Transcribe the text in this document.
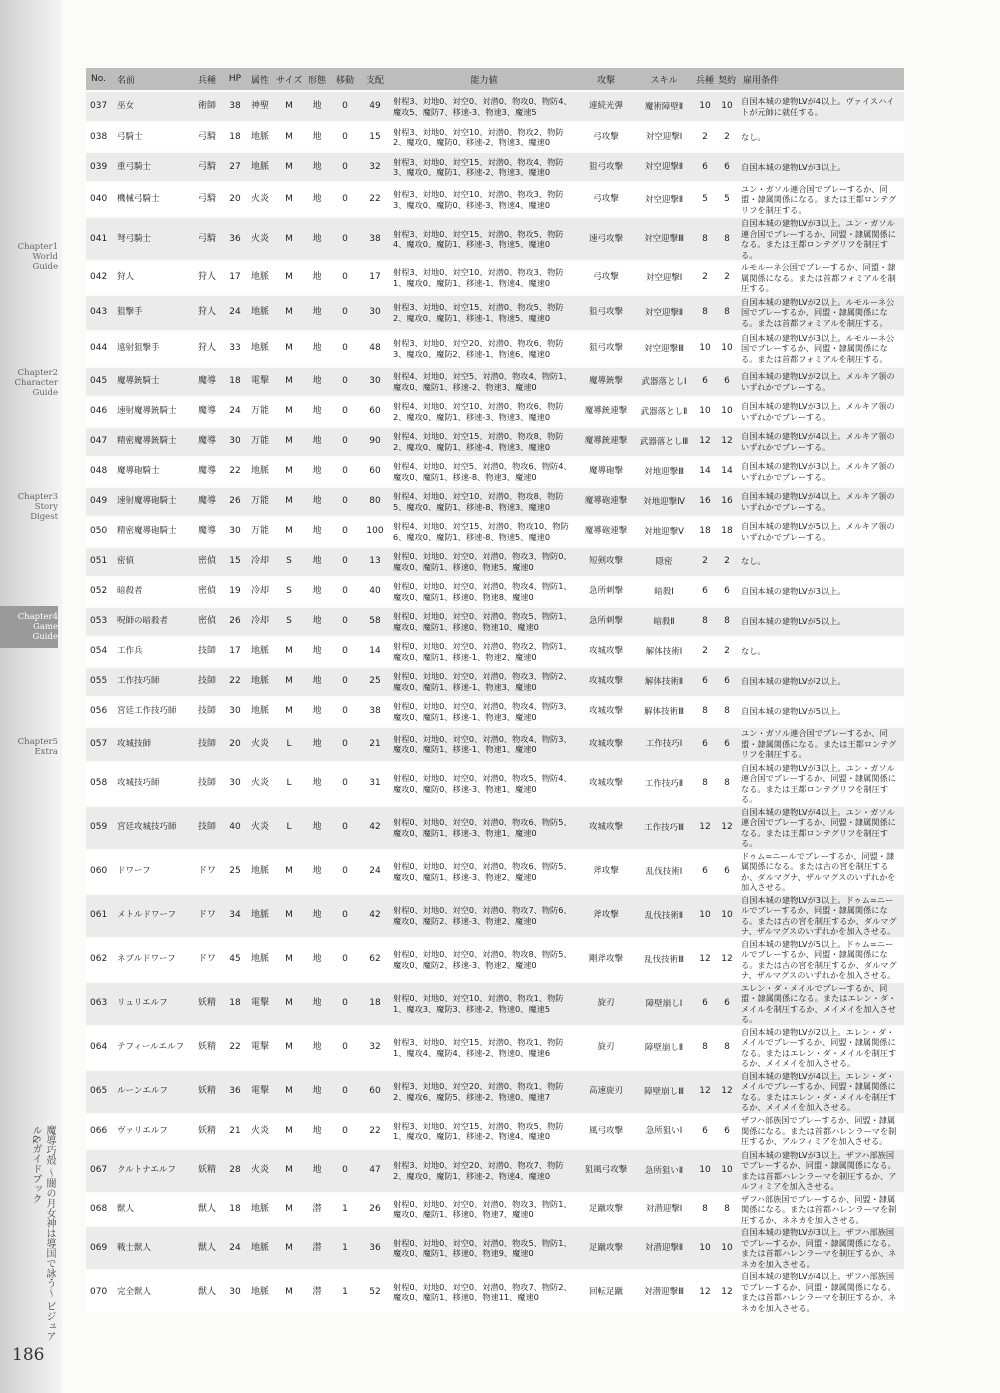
Chapter1
World
Guide
Chapter2
Character
Guide
Chapter3
Story
Digest
Chapter4
Game
Guide
Chapter5
Extra
魔導巧殻 〜闇の月女神は導国で詠う〜 ビジュアル&ガイドブック
186
No.	名前	兵種	HP	属性	サイズ	形態	移動	支配	能力値	攻撃	スキル	兵種	契約	雇用条件
037	巫女	術師	38	神聖	M	地	0	49	射程3、対地0、対空0、対潜0、物攻0、物防4、魔攻5、魔防7、移速-3、物速3、魔速5	連続光弾	魔術障壁Ⅱ	10	10	自国本城の建物LVが4以上。ヴァイスハイトが元帥に就任する。
038	弓騎士	弓騎	18	地脈	M	地	0	15	射程3、対地0、対空10、対潜0、物攻2、物防2、魔攻0、魔防0、移速-2、物速3、魔速0	弓攻撃	対空迎撃Ⅰ	2	2	なし。
039	重弓騎士	弓騎	27	地脈	M	地	0	32	射程3、対地0、対空15、対潜0、物攻4、物防3、魔攻0、魔防1、移速-2、物速3、魔速0	狙弓攻撃	対空迎撃Ⅱ	6	6	自国本城の建物LVが3以上。
040	機械弓騎士	弓騎	20	火炎	M	地	0	22	射程3、対地0、対空10、対潜0、物攻3、物防3、魔攻0、魔防0、移速-3、物速4、魔速0	弓攻撃	対空迎撃Ⅱ	5	5	ユン・ガソル連合国でプレーするか、同盟・隷属関係になる。または王都ロンテグリフを制圧する。
041	弩弓騎士	弓騎	36	火炎	M	地	0	38	射程3、対地0、対空15、対潜0、物攻5、物防4、魔攻0、魔防1、移速-3、物速5、魔速0	速弓攻撃	対空迎撃Ⅲ	8	8	自国本城の建物LVが3以上。ユン・ガソル連合国でプレーするか、同盟・隷属関係になる。または王都ロンテグリフを制圧する。
042	狩人	狩人	17	地脈	M	地	0	17	射程3、対地0、対空10、対潜0、物攻3、物防1、魔攻0、魔防1、移速-1、物速4、魔速0	弓攻撃	対空迎撃Ⅰ	2	2	ルモルーネ公国でプレーするか、同盟・隷属関係になる。または首都フォミアルを制圧する。
043	狙撃手	狩人	24	地脈	M	地	0	30	射程3、対地0、対空15、対潜0、物攻5、物防2、魔攻0、魔防1、移速-1、物速5、魔速0	狙弓攻撃	対空迎撃Ⅱ	8	8	自国本城の建物LVが2以上。ルモルーネ公国でプレーするか、同盟・隷属関係になる。または首都フォミアルを制圧する。
044	遠射狙撃手	狩人	33	地脈	M	地	0	48	射程3、対地0、対空20、対潜0、物攻6、物防3、魔攻0、魔防2、移速-1、物速6、魔速0	狙弓攻撃	対空迎撃Ⅲ	10	10	自国本城の建物LVが3以上。ルモルーネ公国でプレーするか、同盟・隷属関係になる。または首都フォミアルを制圧する。
045	魔導銃騎士	魔導	18	電撃	M	地	0	30	射程4、対地0、対空5、対潜0、物攻4、物防1、魔攻0、魔防1、移速-2、物速3、魔速0	魔導銃撃	武器落としⅠ	6	6	自国本城の建物LVが2以上。メルキア領のいずれかでプレーする。
046	速射魔導銃騎士	魔導	24	万能	M	地	0	60	射程4、対地0、対空10、対潜0、物攻6、物防2、魔攻0、魔防1、移速-3、物速3、魔速0	魔導銃連撃	武器落としⅡ	10	10	自国本城の建物LVが3以上。メルキア領のいずれかでプレーする。
047	精密魔導銃騎士	魔導	30	万能	M	地	0	90	射程4、対地0、対空15、対潜0、物攻8、物防2、魔攻0、魔防1、移速-4、物速3、魔速0	魔導銃連撃	武器落としⅢ	12	12	自国本城の建物LVが4以上。メルキア領のいずれかでプレーする。
048	魔導砲騎士	魔導	22	地脈	M	地	0	60	射程4、対地0、対空5、対潜0、物攻6、物防4、魔攻0、魔防1、移速-8、物速3、魔速0	魔導砲撃	対地迎撃Ⅲ	14	14	自国本城の建物LVが3以上。メルキア領のいずれかでプレーする。
049	速射魔導砲騎士	魔導	26	万能	M	地	0	80	射程4、対地0、対空10、対潜0、物攻8、物防5、魔攻0、魔防1、移速-8、物速3、魔速0	魔導砲連撃	対地迎撃Ⅳ	16	16	自国本城の建物LVが4以上。メルキア領のいずれかでプレーする。
050	精密魔導砲騎士	魔導	30	万能	M	地	0	100	射程4、対地0、対空15、対潜0、物攻10、物防6、魔攻0、魔防1、移速-8、物速5、魔速0	魔導砲連撃	対地迎撃Ⅴ	18	18	自国本城の建物LVが5以上。メルキア領のいずれかでプレーする。
051	密偵	密偵	15	冷却	S	地	0	13	射程0、対地0、対空0、対潜0、物攻3、物防0、魔攻0、魔防1、移速0、物速5、魔速0	短剣攻撃	隠密	2	2	なし。
052	暗殺者	密偵	19	冷却	S	地	0	40	射程0、対地0、対空0、対潜0、物攻4、物防1、魔攻0、魔防1、移速0、物速8、魔速0	急所刺撃	暗殺Ⅰ	6	6	自国本城の建物LVが3以上。
053	呪師の暗殺者	密偵	26	冷却	S	地	0	58	射程0、対地0、対空0、対潜0、物攻5、物防1、魔攻0、魔防1、移速0、物速10、魔速0	急所刺撃	暗殺Ⅱ	8	8	自国本城の建物LVが5以上。
054	工作兵	技師	17	地脈	M	地	0	14	射程0、対地0、対空0、対潜0、物攻2、物防1、魔攻0、魔防1、移速-1、物速2、魔速0	攻城攻撃	解体技術Ⅰ	2	2	なし。
055	工作技巧師	技師	22	地脈	M	地	0	25	射程0、対地0、対空0、対潜0、物攻3、物防2、魔攻0、魔防1、移速-1、物速3、魔速0	攻城攻撃	解体技術Ⅱ	6	6	自国本城の建物LVが2以上。
056	宮廷工作技巧師	技師	30	地脈	M	地	0	38	射程0、対地0、対空0、対潜0、物攻4、物防3、魔攻0、魔防1、移速-1、物速3、魔速0	攻城攻撃	解体技術Ⅲ	8	8	自国本城の建物LVが5以上。
057	攻城技師	技師	20	火炎	L	地	0	21	射程0、対地0、対空0、対潜0、物攻4、物防3、魔攻0、魔防1、移速-1、物速1、魔速0	攻城攻撃	工作技巧Ⅰ	6	6	ユン・ガソル連合国でプレーするか、同盟・隷属関係になる。または王都ロンテグリフを制圧する。
058	攻城技巧師	技師	30	火炎	L	地	0	31	射程0、対地0、対空0、対潜0、物攻5、物防4、魔攻0、魔防0、移速-3、物速1、魔速0	攻城攻撃	工作技巧Ⅱ	8	8	自国本城の建物LVが3以上。ユン・ガソル連合国でプレーするか、同盟・隷属関係になる。または王都ロンテグリフを制圧する。
059	宮廷攻城技巧師	技師	40	火炎	L	地	0	42	射程0、対地0、対空0、対潜0、物攻6、物防5、魔攻0、魔防1、移速-3、物速1、魔速0	攻城攻撃	工作技巧Ⅲ	12	12	自国本城の建物LVが4以上。ユン・ガソル連合国でプレーするか、同盟・隷属関係になる。または王都ロンテグリフを制圧する。
060	ドワーフ	ドワ	25	地脈	M	地	0	24	射程0、対地0、対空0、対潜0、物攻6、物防5、魔攻0、魔防1、移速-3、物速2、魔速0	斧攻撃	乱伐技術Ⅰ	6	6	ドゥム=ニールでプレーするか、同盟・隷属関係になる。または古の宮を制圧するか、ダルマグナ、ザルマグスのいずれかを加入させる。
061	メトルドワーフ	ドワ	34	地脈	M	地	0	42	射程0、対地0、対空0、対潜0、物攻7、物防6、魔攻0、魔防2、移速-3、物速2、魔速0	斧攻撃	乱伐技術Ⅱ	10	10	自国本城の建物LVが3以上。ドゥム=ニールでプレーするか、同盟・隷属関係になる。または古の宮を制圧するか、ダルマグナ、ザルマグスのいずれかを加入させる。
062	ネブルドワーフ	ドワ	45	地脈	M	地	0	62	射程0、対地0、対空0、対潜0、物攻8、物防5、魔攻0、魔防2、移速-3、物速2、魔速0	剛斧攻撃	乱伐技術Ⅲ	12	12	自国本城の建物LVが5以上。ドゥム=ニールでプレーするか、同盟・隷属関係になる。または古の宮を制圧するか、ダルマグナ、ザルマグスのいずれかを加入させる。
063	リュリエルフ	妖精	18	電撃	M	地	0	18	射程0、対地0、対空10、対潜0、物攻1、物防1、魔攻3、魔防3、移速-2、物速0、魔速5	旋刃	障壁崩しⅠ	6	6	エレン・ダ・メイルでプレーするか、同盟・隷属関係になる。またはエレン・ダ・メイルを制圧するか、メイメイを加入させる。
064	テフィールエルフ	妖精	22	電撃	M	地	0	32	射程3、対地0、対空15、対潜0、物攻1、物防1、魔攻4、魔防4、移速-2、物速0、魔速6	旋刃	障壁崩しⅡ	8	8	自国本城の建物LVが2以上。エレン・ダ・メイルでプレーするか、同盟・隷属関係になる。またはエレン・ダ・メイルを制圧するか、メイメイを加入させる。
065	ルーンエルフ	妖精	36	電撃	M	地	0	60	射程3、対地0、対空20、対潜0、物攻1、物防2、魔攻6、魔防5、移速-2、物速0、魔速7	高速旋刃	障壁崩しⅢ	12	12	自国本城の建物LVが4以上。エレン・ダ・メイルでプレーするか、同盟・隷属関係になる。またはエレン・ダ・メイルを制圧するか、メイメイを加入させる。
066	ヴァリエルフ	妖精	21	火炎	M	地	0	22	射程3、対地0、対空15、対潜0、物攻5、物防1、魔攻0、魔防1、移速-2、物速4、魔速0	風弓攻撃	急所狙いⅠ	6	6	ザフハ部族国でプレーするか、同盟・隷属関係になる。または首都ハレンラーマを制圧するか、アルフィミアを加入させる。
067	クルトナエルフ	妖精	28	火炎	M	地	0	47	射程3、対地0、対空20、対潜0、物攻7、物防2、魔攻0、魔防1、移速-2、物速4、魔速0	狙風弓攻撃	急所狙いⅡ	10	10	自国本城の建物LVが3以上。ザフハ部族国でプレーするか、同盟・隷属関係になる。または首都ハレンラーマを制圧するか、アルフィミアを加入させる。
068	獣人	獣人	18	地脈	M	潜	1	26	射程0、対地0、対空0、対潜0、物攻3、物防1、魔攻0、魔防1、移速0、物速7、魔速0	足蹴攻撃	対潜迎撃Ⅰ	8	8	ザフハ部族国でプレーするか、同盟・隷属関係になる。または首都ハレンラーマを制圧するか、ネネカを加入させる。
069	戦士獣人	獣人	24	地脈	M	潜	1	36	射程0、対地0、対空0、対潜0、物攻5、物防1、魔攻0、魔防1、移速0、物速9、魔速0	足蹴攻撃	対潜迎撃Ⅱ	10	10	自国本城の建物LVが3以上。ザフハ部族国でプレーするか、同盟・隷属関係になる。または首都ハレンラーマを制圧するか、ネネカを加入させる。
070	完全獣人	獣人	30	地脈	M	潜	1	52	射程0、対地0、対空0、対潜0、物攻7、物防2、魔攻0、魔防1、移速0、物速11、魔速0	回転足蹴	対潜迎撃Ⅲ	12	12	自国本城の建物LVが4以上。ザフハ部族国でプレーするか、同盟・隷属関係になる。または首都ハレンラーマを制圧するか、ネネカを加入させる。
